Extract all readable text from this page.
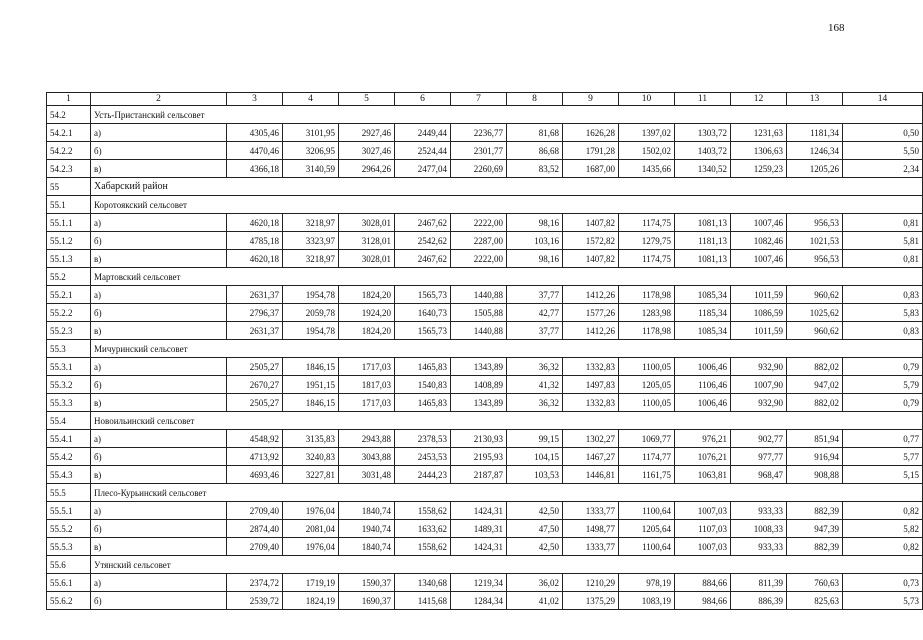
168
1	2	3	4	5	6	7	8	9	10	11	12	13	14
54.2	Усть-Пристанский сельсовет												
54.2.1	а)	4305,46	3101,95	2927,46	2449,44	2236,77	81,68	1626,28	1397,02	1303,72	1231,63	1181,34	0,50
54.2.2	б)	4470,46	3206,95	3027,46	2524,44	2301,77	86,68	1791,28	1502,02	1403,72	1306,63	1246,34	5,50
54.2.3	в)	4366,18	3140,59	2964,26	2477,04	2260,69	83,52	1687,00	1435,66	1340,52	1259,23	1205,26	2,34
55	Хабарский район												
55.1	Коротоякский сельсовет												
55.1.1	а)	4620,18	3218,97	3028,01	2467,62	2222,00	98,16	1407,82	1174,75	1081,13	1007,46	956,53	0,81
55.1.2	б)	4785,18	3323,97	3128,01	2542,62	2287,00	103,16	1572,82	1279,75	1181,13	1082,46	1021,53	5,81
55.1.3	в)	4620,18	3218,97	3028,01	2467,62	2222,00	98,16	1407,82	1174,75	1081,13	1007,46	956,53	0,81
55.2	Мартовский сельсовет												
55.2.1	а)	2631,37	1954,78	1824,20	1565,73	1440,88	37,77	1412,26	1178,98	1085,34	1011,59	960,62	0,83
55.2.2	б)	2796,37	2059,78	1924,20	1640,73	1505,88	42,77	1577,26	1283,98	1185,34	1086,59	1025,62	5,83
55.2.3	в)	2631,37	1954,78	1824,20	1565,73	1440,88	37,77	1412,26	1178,98	1085,34	1011,59	960,62	0,83
55.3	Мичуринский сельсовет												
55.3.1	а)	2505,27	1846,15	1717,03	1465,83	1343,89	36,32	1332,83	1100,05	1006,46	932,90	882,02	0,79
55.3.2	б)	2670,27	1951,15	1817,03	1540,83	1408,89	41,32	1497,83	1205,05	1106,46	1007,90	947,02	5,79
55.3.3	в)	2505,27	1846,15	1717,03	1465,83	1343,89	36,32	1332,83	1100,05	1006,46	932,90	882,02	0,79
55.4	Новоильинский сельсовет												
55.4.1	а)	4548,92	3135,83	2943,88	2378,53	2130,93	99,15	1302,27	1069,77	976,21	902,77	851,94	0,77
55.4.2	б)	4713,92	3240,83	3043,88	2453,53	2195,93	104,15	1467,27	1174,77	1076,21	977,77	916,94	5,77
55.4.3	в)	4693,46	3227,81	3031,48	2444,23	2187,87	103,53	1446,81	1161,75	1063,81	968,47	908,88	5,15
55.5	Плесо-Курьинский сельсовет												
55.5.1	а)	2709,40	1976,04	1840,74	1558,62	1424,31	42,50	1333,77	1100,64	1007,03	933,33	882,39	0,82
55.5.2	б)	2874,40	2081,04	1940,74	1633,62	1489,31	47,50	1498,77	1205,64	1107,03	1008,33	947,39	5,82
55.5.3	в)	2709,40	1976,04	1840,74	1558,62	1424,31	42,50	1333,77	1100,64	1007,03	933,33	882,39	0,82
55.6	Утянский сельсовет												
55.6.1	а)	2374,72	1719,19	1590,37	1340,68	1219,34	36,02	1210,29	978,19	884,66	811,39	760,63	0,73
55.6.2	б)	2539,72	1824,19	1690,37	1415,68	1284,34	41,02	1375,29	1083,19	984,66	886,39	825,63	5,73
